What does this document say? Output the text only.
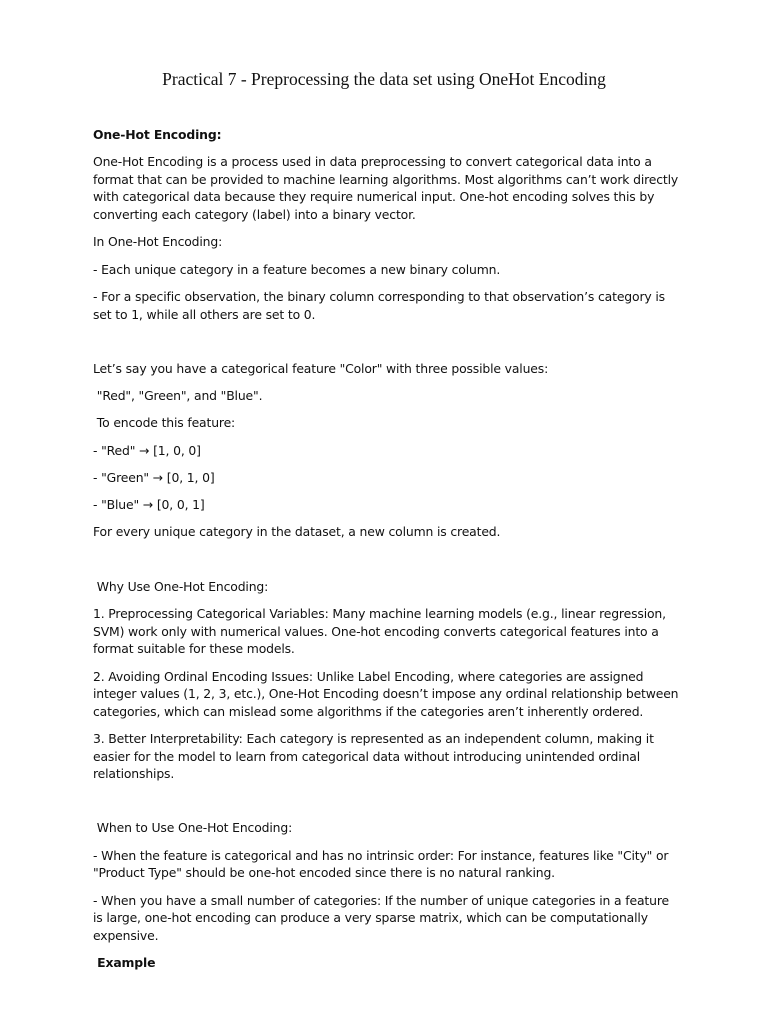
Practical 7 - Preprocessing the data set using OneHot Encoding

One-Hot Encoding:

One-Hot Encoding is a process used in data preprocessing to convert categorical data into a format that can be provided to machine learning algorithms. Most algorithms can’t work directly with categorical data because they require numerical input. One-hot encoding solves this by converting each category (label) into a binary vector.

In One-Hot Encoding:

- Each unique category in a feature becomes a new binary column.

- For a specific observation, the binary column corresponding to that observation’s category is set to 1, while all others are set to 0.

Let’s say you have a categorical feature "Color" with three possible values:

"Red", "Green", and "Blue".

To encode this feature:

- "Red" → [1, 0, 0]

- "Green" → [0, 1, 0]

- "Blue" → [0, 0, 1]

For every unique category in the dataset, a new column is created.

Why Use One-Hot Encoding:

1. Preprocessing Categorical Variables: Many machine learning models (e.g., linear regression, SVM) work only with numerical values. One-hot encoding converts categorical features into a format suitable for these models.

2. Avoiding Ordinal Encoding Issues: Unlike Label Encoding, where categories are assigned integer values (1, 2, 3, etc.), One-Hot Encoding doesn’t impose any ordinal relationship between categories, which can mislead some algorithms if the categories aren’t inherently ordered.

3. Better Interpretability: Each category is represented as an independent column, making it easier for the model to learn from categorical data without introducing unintended ordinal relationships.

When to Use One-Hot Encoding:

- When the feature is categorical and has no intrinsic order: For instance, features like "City" or "Product Type" should be one-hot encoded since there is no natural ranking.

- When you have a small number of categories: If the number of unique categories in a feature is large, one-hot encoding can produce a very sparse matrix, which can be computationally expensive.

Example
